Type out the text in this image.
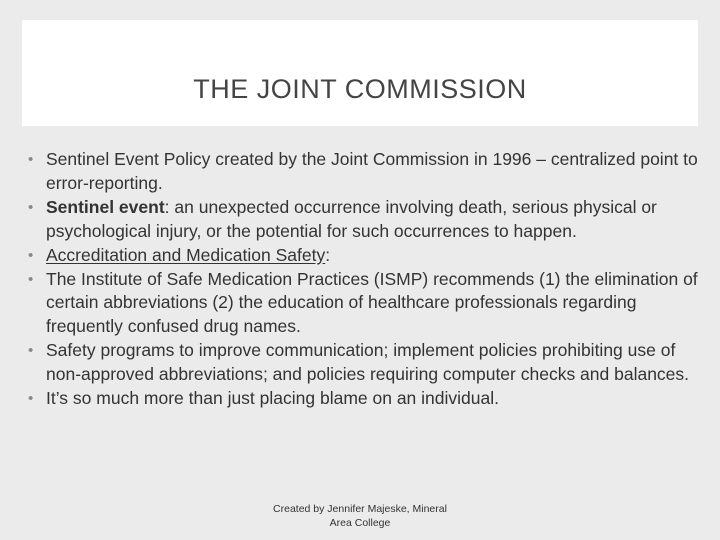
THE JOINT COMMISSION
• Sentinel Event Policy created by the Joint Commission in 1996 – centralized point to error-reporting.
• Sentinel event: an unexpected occurrence involving death, serious physical or psychological injury, or the potential for such occurrences to happen.
• Accreditation and Medication Safety:
• The Institute of Safe Medication Practices (ISMP) recommends (1) the elimination of certain abbreviations (2) the education of healthcare professionals regarding frequently confused drug names.
• Safety programs to improve communication; implement policies prohibiting use of non-approved abbreviations; and policies requiring computer checks and balances.
• It’s so much more than just placing blame on an individual.
Created by Jennifer Majeske, Mineral
Area College
